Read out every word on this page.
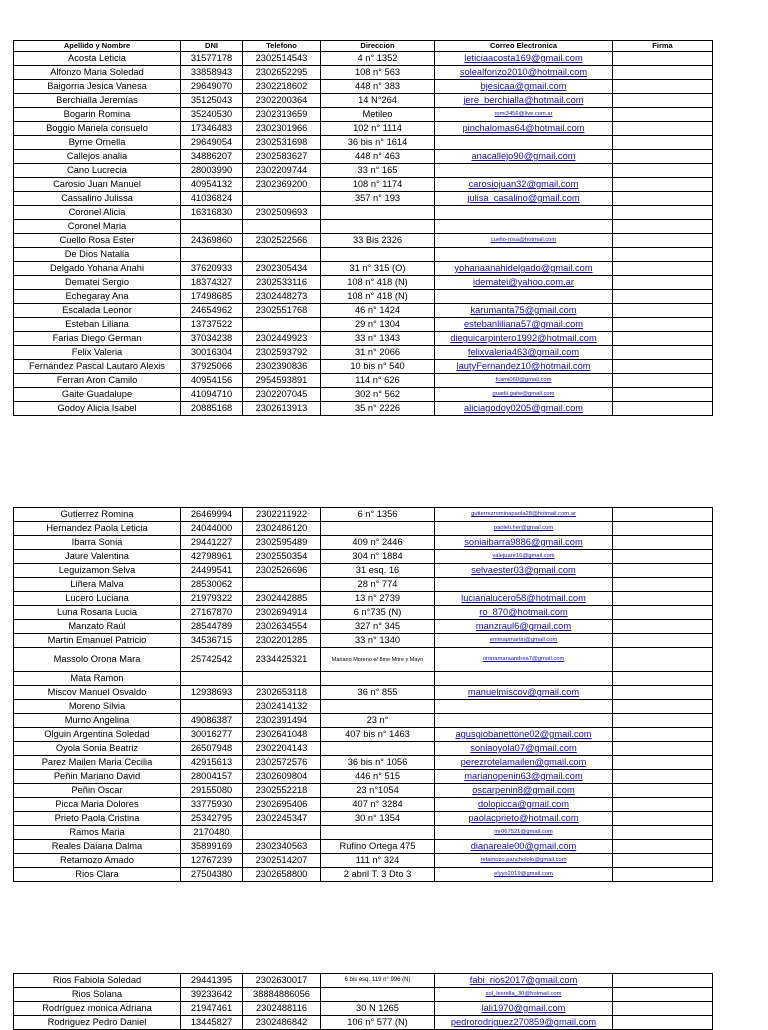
Apellido y Nombre	DNI	Telefono	Direccion	Correo Electronica	Firma
Acosta Leticia	31577178	2302514543	4 n° 1352	leticiaacosta169@gmail.com	
Alfonzo Maria Soledad	33858943	2302652295	108 n° 563	solealfonzo2010@hotmail.com	
Baigorria Jesica Vanesa	29649070	2302218602	448 n° 383	bjesicaa@gmail.com	
Berchialla Jeremías	35125043	2302200364	14 N°264	jere_berchialla@hotmail.com	
Bogarin Romina	35240530	2302313659	Metileo	romi3456@live.com.ar	
Boggio Mariela consuelo	17346483	2302301966	102 n° 1114	pinchalomas64@hotmail.com	
Byrne Ornella	29649054	2302531698	36 bis n° 1614		
Callejos analia	34886207	2302583627	448 n° 463	anacallejo90@gmail.com	
Cano Lucrecia	28003990	2302209744	33 n° 165		
Carosio Juan Manuel	40954132	2302369200	108 n° 1174	carosiojuan32@gmail.com	
Cassalino Julissa	41036824		357 n° 193	julisa_casalino@gmail.com	
Coronel Alicia	16316830	2302509693			
Coronel Maria					
Cuello Rosa Ester	24369860	2302522566	33 Bis 2326	cuello-rosa@hotmail.com	
De Dios Natalia					
Delgado Yohana Anahi	37620933	2302305434	31 n° 315 (O)	yohanaanahidelgado@gmail.com	
Dematei Sergio	18374327	2302533116	108 n° 418 (N)	idematei@yahoo.com.ar	
Echegaray Ana	17498685	2302448273	108 n° 418 (N)		
Escalada Leonor	24654962	2302551768	46 n° 1424	karumanta75@gmail.com	
Esteban Liliana	13737522		29 n° 1304	estebanliliana57@gmail.com	
Farias Diego German	37034238	2302449923	33 n° 1343	dieguicarpintero1992@hotmail.com	
Felix Valeria	30016304	2302593792	31 n° 2066	felixvaleria463@gmail.com	
Fernández Pascal Lautaro Alexis	37925066	2302390836	10 bis n° 540	lautyFernandez10@hotmail.com	
Ferran Aron Camilo	40954156	2954593891	114 n° 626	fcami060@gmail.com	
Gaite Guadalupe	41094710	2302207045	302 n° 562	guadii.gaite@gmail.com	
Godoy Alicia Isabel	20885168	2302613913	35 n° 2226	aliciagodoy0205@gmail.com	
Gutierrez Romina	26469994	2302211922	6 n° 1356	gutierrezrominapaola28@hotmail.com.ar	
Hernandez Paola Leticia	24044000	2302486120		paoleti.her@gmail.com	
Ibarra Sonia	29441227	2302595489	409 n° 2446	soniaibarra9886@gmail.com	
Jaure Valentina	42798961	2302550354	304 n° 1884	valejuare16@gmail.com	
Leguizamon Selva	24499541	2302526696	31 esq. 16	selvaester03@gmail.com	
Liñera Malva	28530062		28 n° 774		
Lucero Luciana	21979322	2302442885	13 n° 2739	lucianalucero58@hotmail.com	
Luna Rosana Lucia	27167870	2302694914	6 n°735 (N)	ro_870@hotmail.com	
Manzato Raúl	28544789	2302634554	327 n° 345	manzraul6@gmail.com	
Martin Emanuel Patricio	34536715	2302201285	33 n° 1340	emmapmartin@gmail.com	
Massolo Orona Mara	25742542	2334425321	Mariano Moreno e/ 8me Mitre y Mayo	oronamaraandrea7@gmail.com	
Mata Ramon					
Miscov Manuel Osvaldo	12938693	2302653118	36 n° 855	manuelmiscov@gmail.com	
Moreno Silvia		2302414132			
Murno Angelina	49086387	2302391494	23 n°		
Olguin Argentina Soledad	30016277	2302641048	407 bis n° 1463	agusgiobanettone02@gmail.com	
Oyola Sonia Beatriz	26507948	2302204143		soniaoyola07@gmail.com	
Parez Mailen Maria Cecilia	42915613	2302572576	36 bis n° 1056	perezrotelamailen@gmail.com	
Peñin Mariano David	28004157	2302609804	446 n° 515	marianopenin63@gmail.com	
Peñin Oscar	29155080	2302552218	23 n°1054	oscarpenin8@gmail.com	
Picca Maria Dolores	33775930	2302695406	407 n° 3284	dolopicca@gmail.com	
Prieto Paola Cristina	25342795	2302245347	30 n° 1354	paolacprieto@hotmail.com	
Ramos Maria	2170480			mr067521@gmail.com	
Reales Daiana Dalma	35899169	2302340563	Rufino Ortega 475	dianareale00@gmail.com	
Retamozo Amado	12767239	2302514207	111 n° 324	retamozo.panchololo@gmail.com	
Rios Clara	27504380	2302658800	2 abril T. 3 Dto 3	elyyo2019@gmail.com	
Rios Fabiola Soledad	29441395	2302630017	6 bis esq. 119 n° 996 (N)	fabi_rios2017@gmail.com	
Rios Solana	39233642	38884886056		sol_lesrella_30@hotmail.com	
Rodríguez monica Adriana	21947461	2302488116	30 N 1265	lali1970@gmail.com	
Rodriguez Pedro Daniel	13445827	2302486842	106 n° 577 (N)	pedrorodriguez270859@gmail.com	
